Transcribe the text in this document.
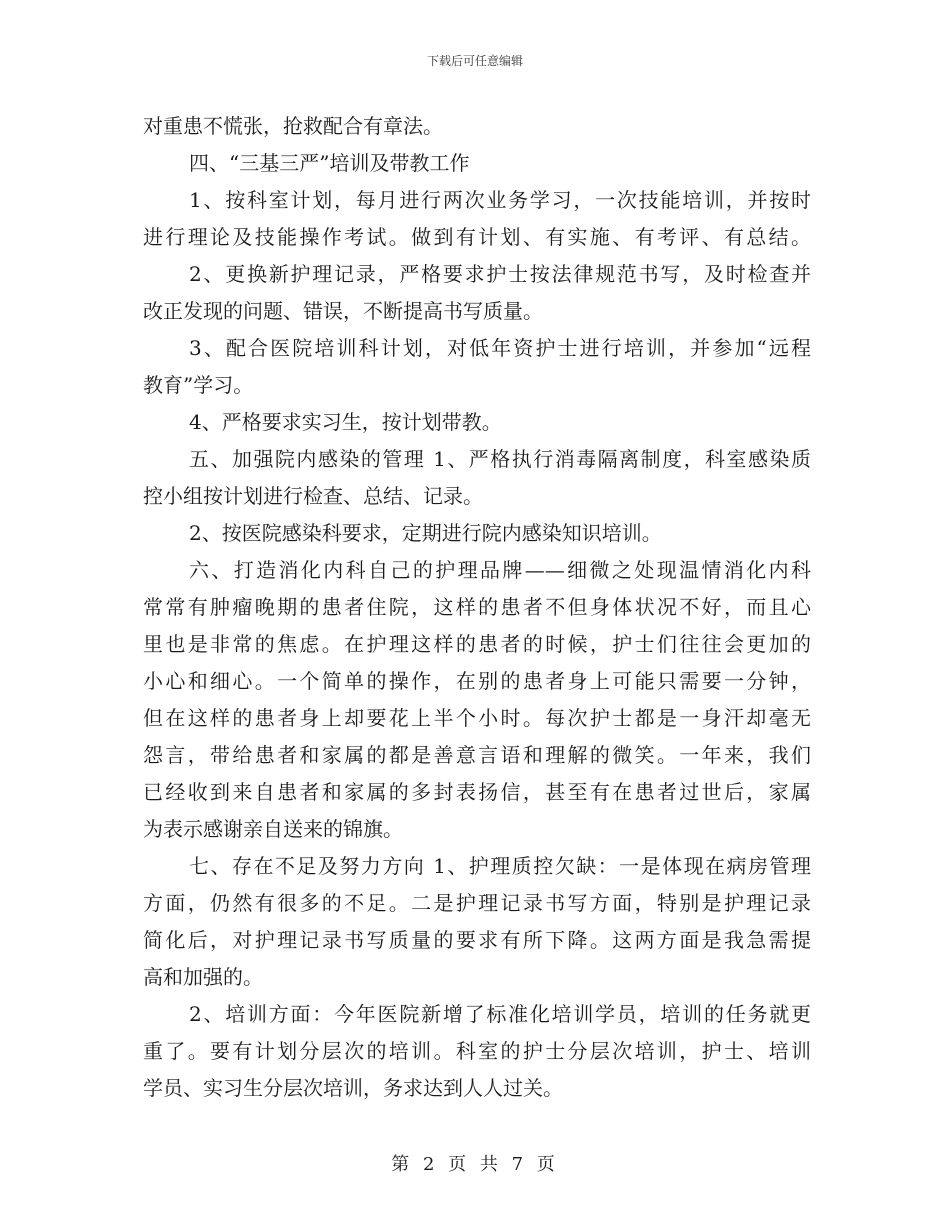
下载后可任意编辑
对重患不慌张，抢救配合有章法。
四、“三基三严”培训及带教工作
1、按科室计划，每月进行两次业务学习，一次技能培训，并按时
进行理论及技能操作考试。做到有计划、有实施、有考评、有总结。
2、更换新护理记录，严格要求护士按法律规范书写，及时检查并
改正发现的问题、错误，不断提高书写质量。
3、配合医院培训科计划，对低年资护士进行培训，并参加“远程
教育”学习。
4、严格要求实习生，按计划带教。
五、加强院内感染的管理 1、严格执行消毒隔离制度，科室感染质
控小组按计划进行检查、总结、记录。
2、按医院感染科要求，定期进行院内感染知识培训。
六、打造消化内科自己的护理品牌——细微之处现温情消化内科
常常有肿瘤晚期的患者住院，这样的患者不但身体状况不好，而且心
里也是非常的焦虑。在护理这样的患者的时候，护士们往往会更加的
小心和细心。一个简单的操作，在别的患者身上可能只需要一分钟，
但在这样的患者身上却要花上半个小时。每次护士都是一身汗却毫无
怨言，带给患者和家属的都是善意言语和理解的微笑。一年来，我们
已经收到来自患者和家属的多封表扬信，甚至有在患者过世后，家属
为表示感谢亲自送来的锦旗。
七、存在不足及努力方向 1、护理质控欠缺：一是体现在病房管理
方面，仍然有很多的不足。二是护理记录书写方面，特别是护理记录
简化后，对护理记录书写质量的要求有所下降。这两方面是我急需提
高和加强的。
2、培训方面：今年医院新增了标准化培训学员，培训的任务就更
重了。要有计划分层次的培训。科室的护士分层次培训，护士、培训
学员、实习生分层次培训，务求达到人人过关。
第 2 页 共 7 页
